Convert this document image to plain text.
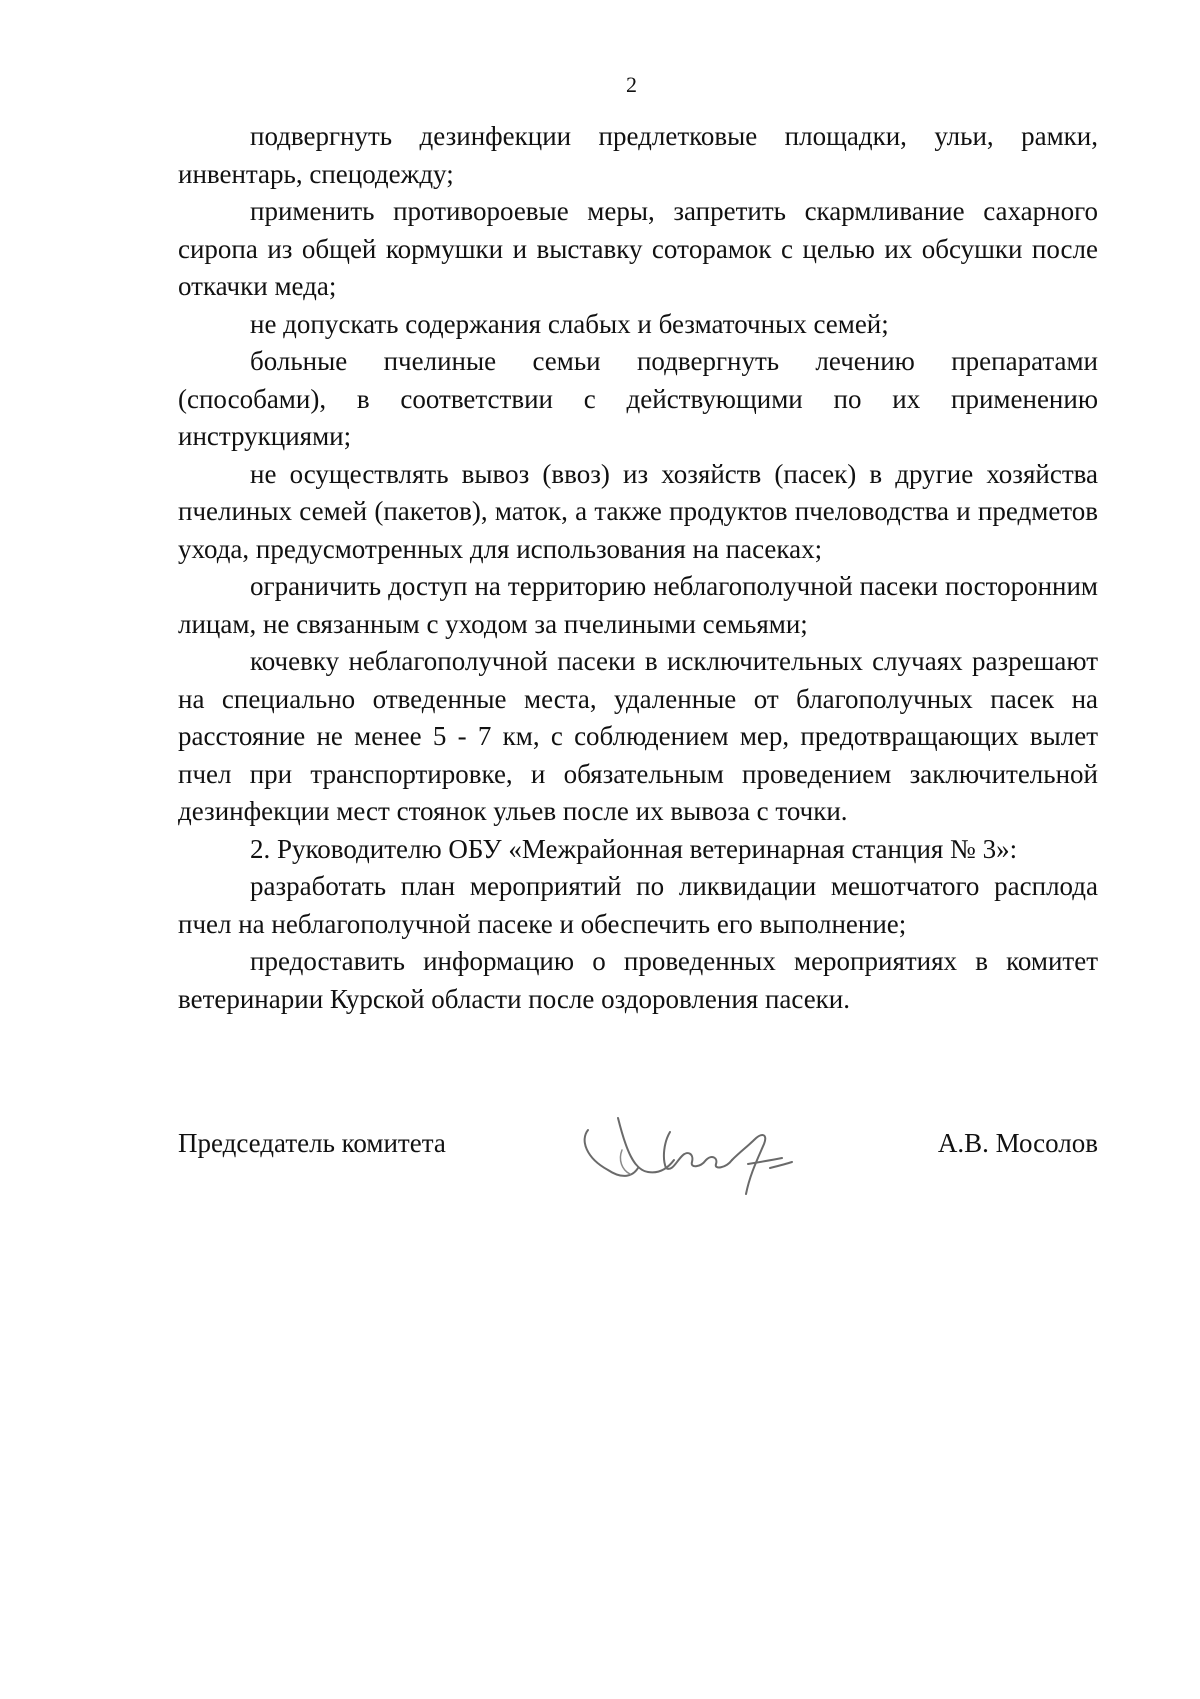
2

подвергнуть дезинфекции предлетковые площадки, ульи, рамки, инвентарь, спецодежду;

применить противороевые меры, запретить скармливание сахарного сиропа из общей кормушки и выставку сотoрамок с целью их обсушки после откачки меда;

не допускать содержания слабых и безматочных семей;

больные пчелиные семьи подвергнуть лечению препаратами (способами), в соответствии с действующими по их применению инструкциями;

не осуществлять вывоз (ввоз) из хозяйств (пасек) в другие хозяйства пчелиных семей (пакетов), маток, а также продуктов пчеловодства и предметов ухода, предусмотренных для использования на пасеках;

ограничить доступ на территорию неблагополучной пасеки посторонним лицам, не связанным с уходом за пчелиными семьями;

кочевку неблагополучной пасеки в исключительных случаях разрешают на специально отведенные места, удаленные от благополучных пасек на расстояние не менее 5 - 7 км, с соблюдением мер, предотвращающих вылет пчел при транспортировке, и обязательным проведением заключительной дезинфекции мест стоянок ульев после их вывоза с точки.

2. Руководителю ОБУ «Межрайонная ветеринарная станция № 3»:

разработать план мероприятий по ликвидации мешотчатого расплода пчел на неблагополучной пасеке и обеспечить его выполнение;

предоставить информацию о проведенных мероприятиях в комитет ветеринарии Курской области после оздоровления пасеки.

Председатель комитета	А.В. Мосолов
